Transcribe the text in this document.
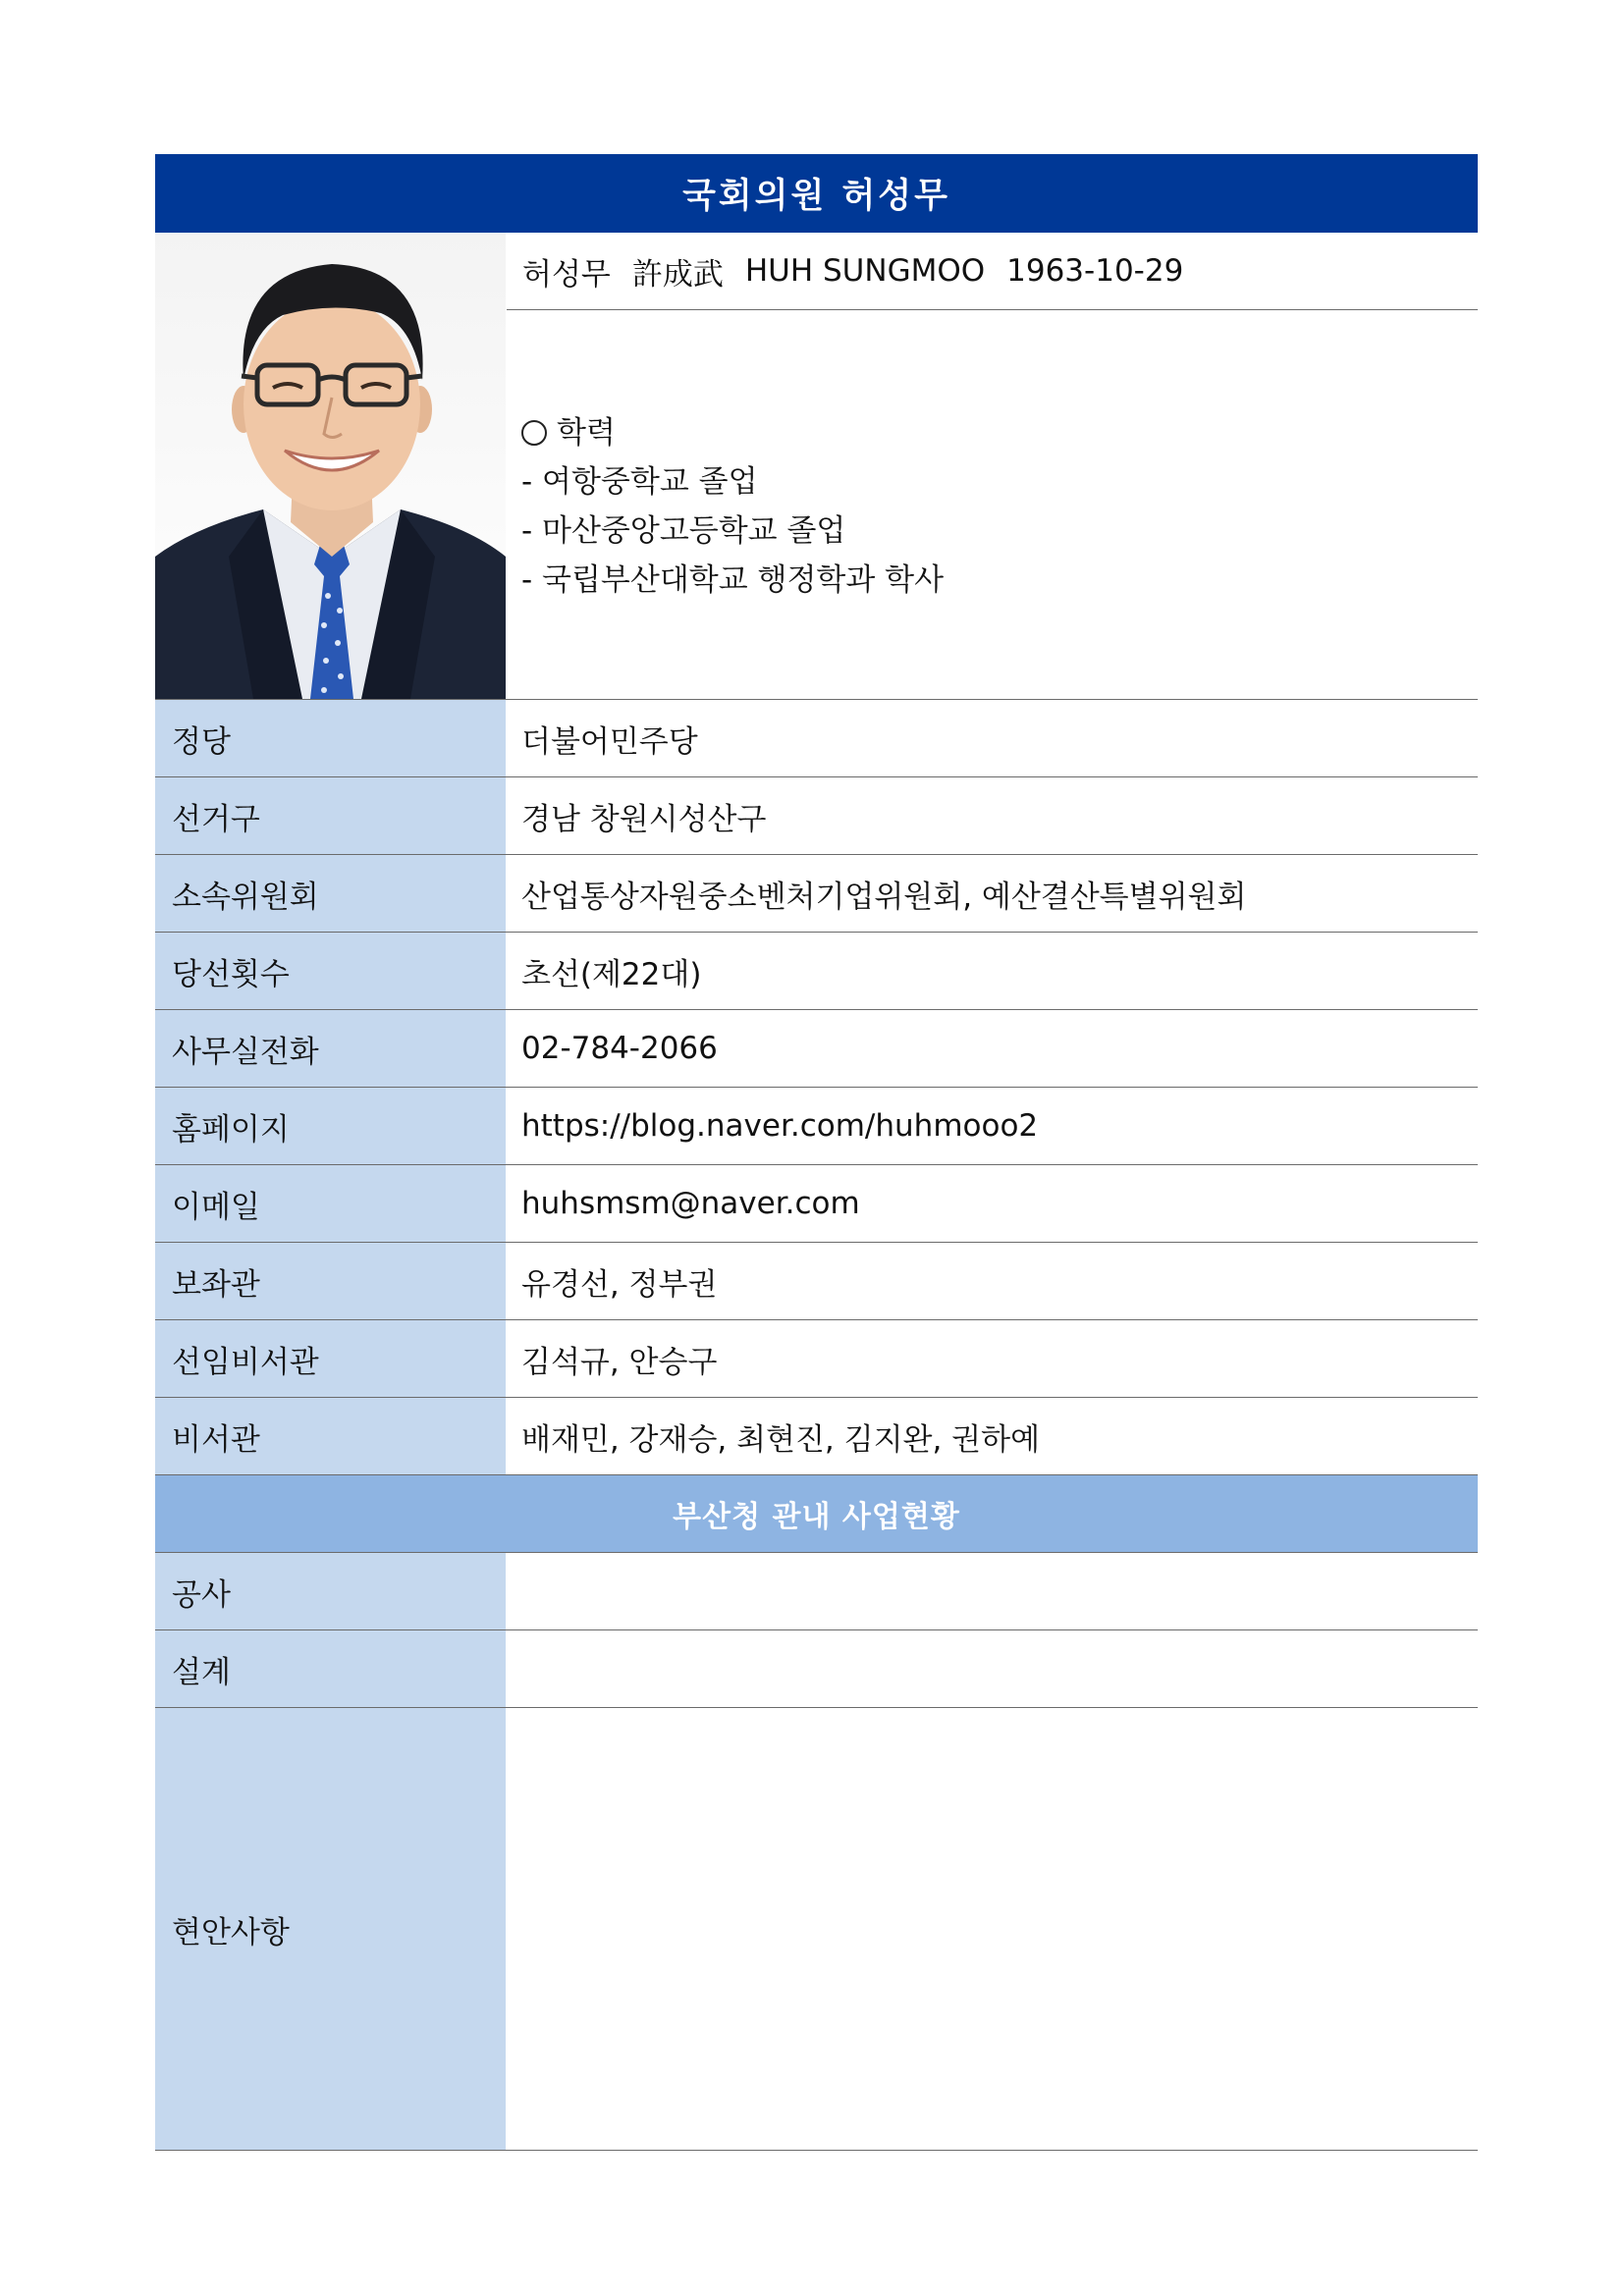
국회의원 허성무
허성무 許成武 HUH SUNGMOO 1963-10-29
학력
- 여항중학교 졸업
- 마산중앙고등학교 졸업
- 국립부산대학교 행정학과 학사
정당	더불어민주당
선거구	경남 창원시성산구
소속위원회	산업통상자원중소벤처기업위원회, 예산결산특별위원회
당선횟수	초선(제22대)
사무실전화	02-784-2066
홈페이지	https://blog.naver.com/huhmooo2
이메일	huhsmsm@naver.com
보좌관	유경선, 정부권
선임비서관	김석규, 안승구
비서관	배재민, 강재승, 최현진, 김지완, 권하예
부산청 관내 사업현황
공사
설계
현안사항
